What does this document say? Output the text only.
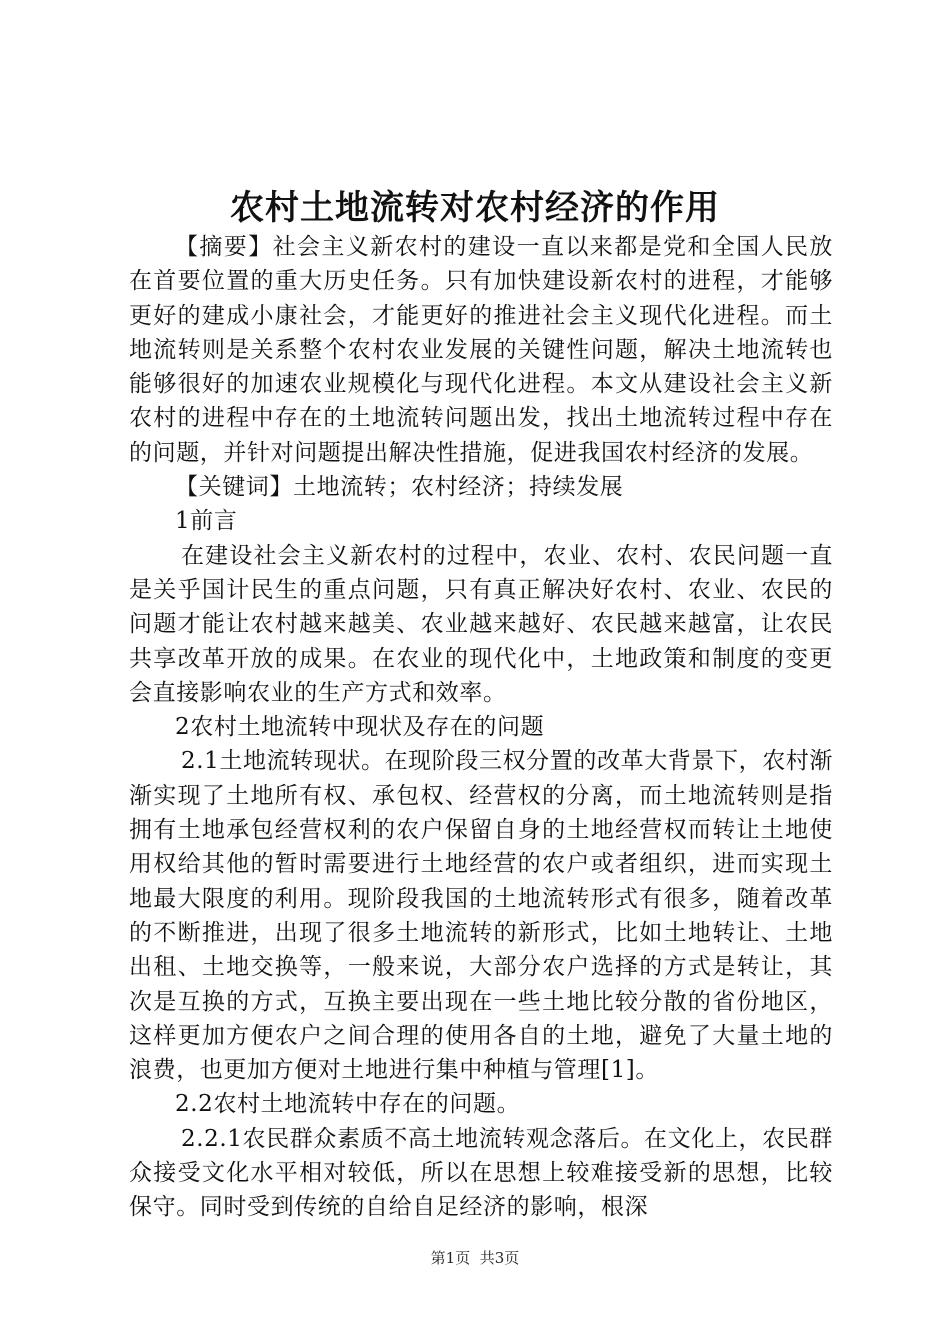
农村土地流转对农村经济的作用

【摘要】社会主义新农村的建设一直以来都是党和全国人民放在首要位置的重大历史任务。只有加快建设新农村的进程，才能够更好的建成小康社会，才能更好的推进社会主义现代化进程。而土地流转则是关系整个农村农业发展的关键性问题，解决土地流转也能够很好的加速农业规模化与现代化进程。本文从建设社会主义新农村的进程中存在的土地流转问题出发，找出土地流转过程中存在的问题，并针对问题提出解决性措施，促进我国农村经济的发展。

【关键词】土地流转；农村经济；持续发展

1前言

在建设社会主义新农村的过程中，农业、农村、农民问题一直是关乎国计民生的重点问题，只有真正解决好农村、农业、农民的问题才能让农村越来越美、农业越来越好、农民越来越富，让农民共享改革开放的成果。在农业的现代化中，土地政策和制度的变更会直接影响农业的生产方式和效率。

2农村土地流转中现状及存在的问题

2.1土地流转现状。在现阶段三权分置的改革大背景下，农村渐渐实现了土地所有权、承包权、经营权的分离，而土地流转则是指拥有土地承包经营权利的农户保留自身的土地经营权而转让土地使用权给其他的暂时需要进行土地经营的农户或者组织，进而实现土地最大限度的利用。现阶段我国的土地流转形式有很多，随着改革的不断推进，出现了很多土地流转的新形式，比如土地转让、土地出租、土地交换等，一般来说，大部分农户选择的方式是转让，其次是互换的方式，互换主要出现在一些土地比较分散的省份地区，这样更加方便农户之间合理的使用各自的土地，避免了大量土地的浪费，也更加方便对土地进行集中种植与管理[1]。

2.2农村土地流转中存在的问题。

2.2.1农民群众素质不高土地流转观念落后。在文化上，农民群众接受文化水平相对较低，所以在思想上较难接受新的思想，比较保守。同时受到传统的自给自足经济的影响，根深

第1页 共3页
